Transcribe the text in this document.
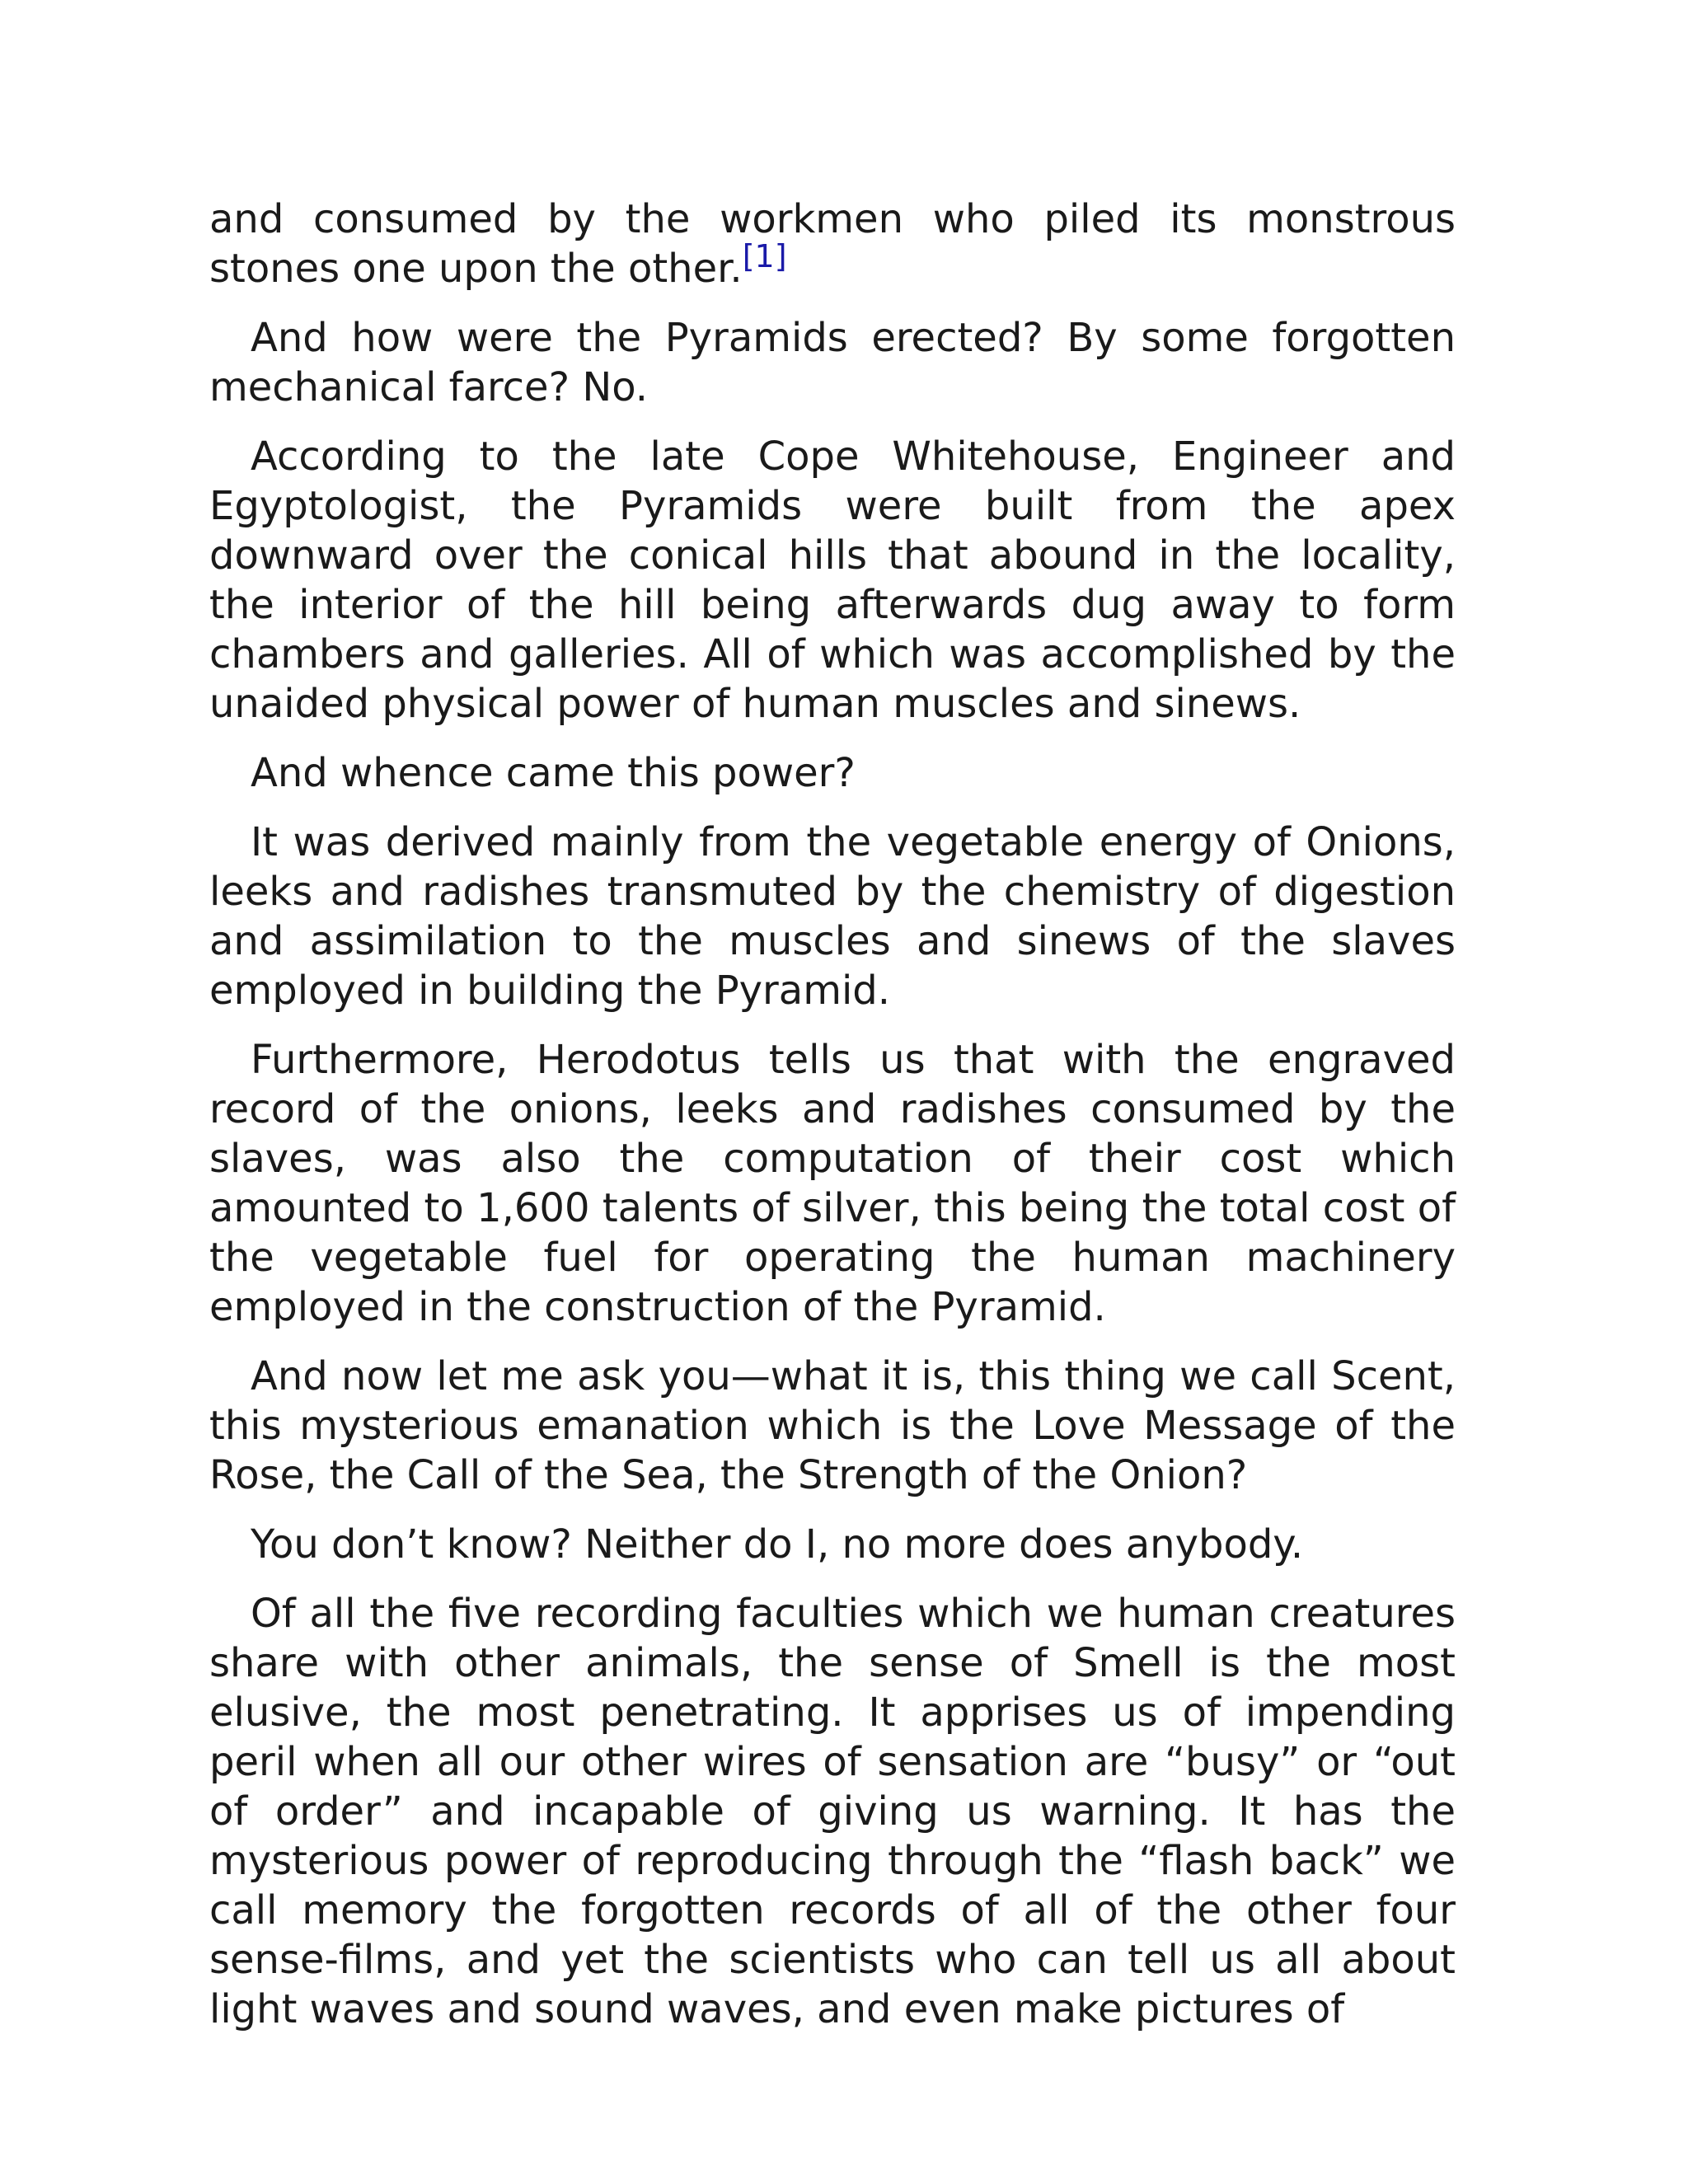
and consumed by the workmen who piled its monstrous stones one upon the other.[1]

And how were the Pyramids erected? By some forgotten mechanical farce? No.

According to the late Cope Whitehouse, Engineer and Egyptologist, the Pyramids were built from the apex downward over the conical hills that abound in the locality, the interior of the hill being afterwards dug away to form chambers and galleries. All of which was accomplished by the unaided physical power of human muscles and sinews.

And whence came this power?

It was derived mainly from the vegetable energy of Onions, leeks and radishes transmuted by the chemistry of digestion and assimilation to the muscles and sinews of the slaves employed in building the Pyramid.

Furthermore, Herodotus tells us that with the engraved record of the onions, leeks and radishes consumed by the slaves, was also the computation of their cost which amounted to 1,600 talents of silver, this being the total cost of the vegetable fuel for operating the human machinery employed in the construction of the Pyramid.

And now let me ask you—what it is, this thing we call Scent, this mysterious emanation which is the Love Message of the Rose, the Call of the Sea, the Strength of the Onion?

You don’t know? Neither do I, no more does anybody.

Of all the five recording faculties which we human creatures share with other animals, the sense of Smell is the most elusive, the most penetrating. It apprises us of impending peril when all our other wires of sensation are “busy” or “out of order” and incapable of giving us warning. It has the mysterious power of reproducing through the “flash back” we call memory the forgotten records of all of the other four sense-films, and yet the scientists who can tell us all about light waves and sound waves, and even make pictures of
